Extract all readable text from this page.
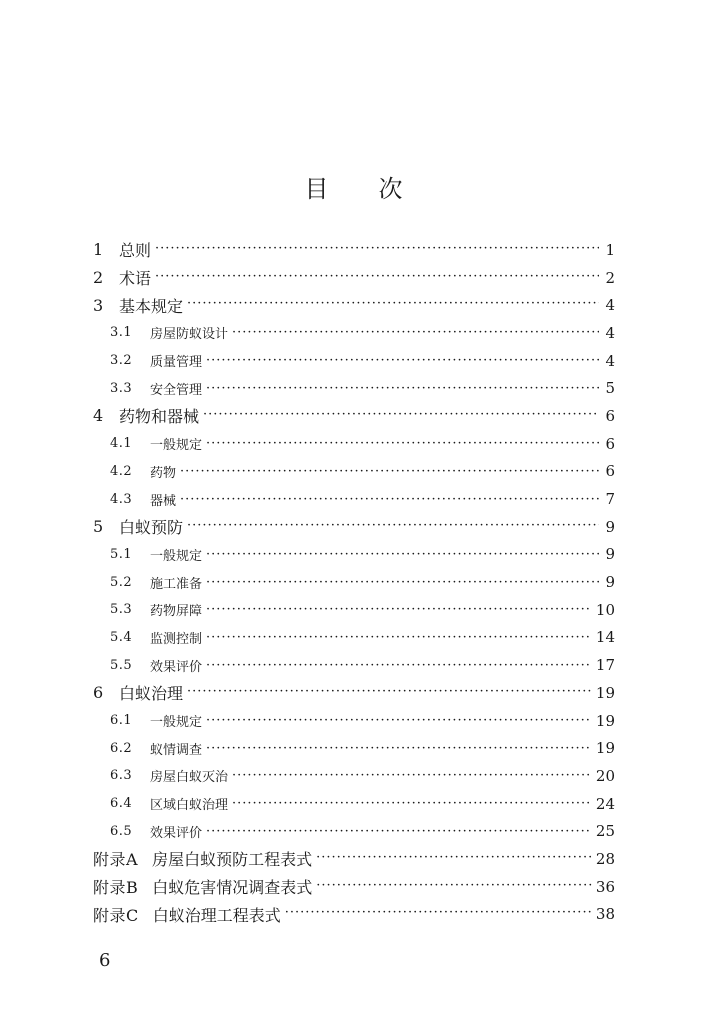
目 次
1 总则 ·····	1
2 术语 ·····	2
3 基本规定 ·····	4
3.1	房屋防蚁设计 ·····	4
3.2	质量管理 ·····	4
3.3	安全管理 ·····	5
4 药物和器械 ·····	6
4.1	一般规定 ·····	6
4.2	药物 ·····	6
4.3	器械 ·····	7
5 白蚁预防 ·····	9
5.1	一般规定 ·····	9
5.2	施工准备 ·····	9
5.3	药物屏障 ·····	10
5.4	监测控制 ·····	14
5.5	效果评价 ·····	17
6 白蚁治理 ·····	19
6.1	一般规定 ·····	19
6.2	蚁情调查 ·····	19
6.3	房屋白蚁灭治 ·····	20
6.4	区域白蚁治理 ·····	24
6.5	效果评价 ·····	25
附录A 房屋白蚁预防工程表式 ·····	28
附录B 白蚁危害情况调查表式 ·····	36
附录C 白蚁治理工程表式 ·····	38
6
